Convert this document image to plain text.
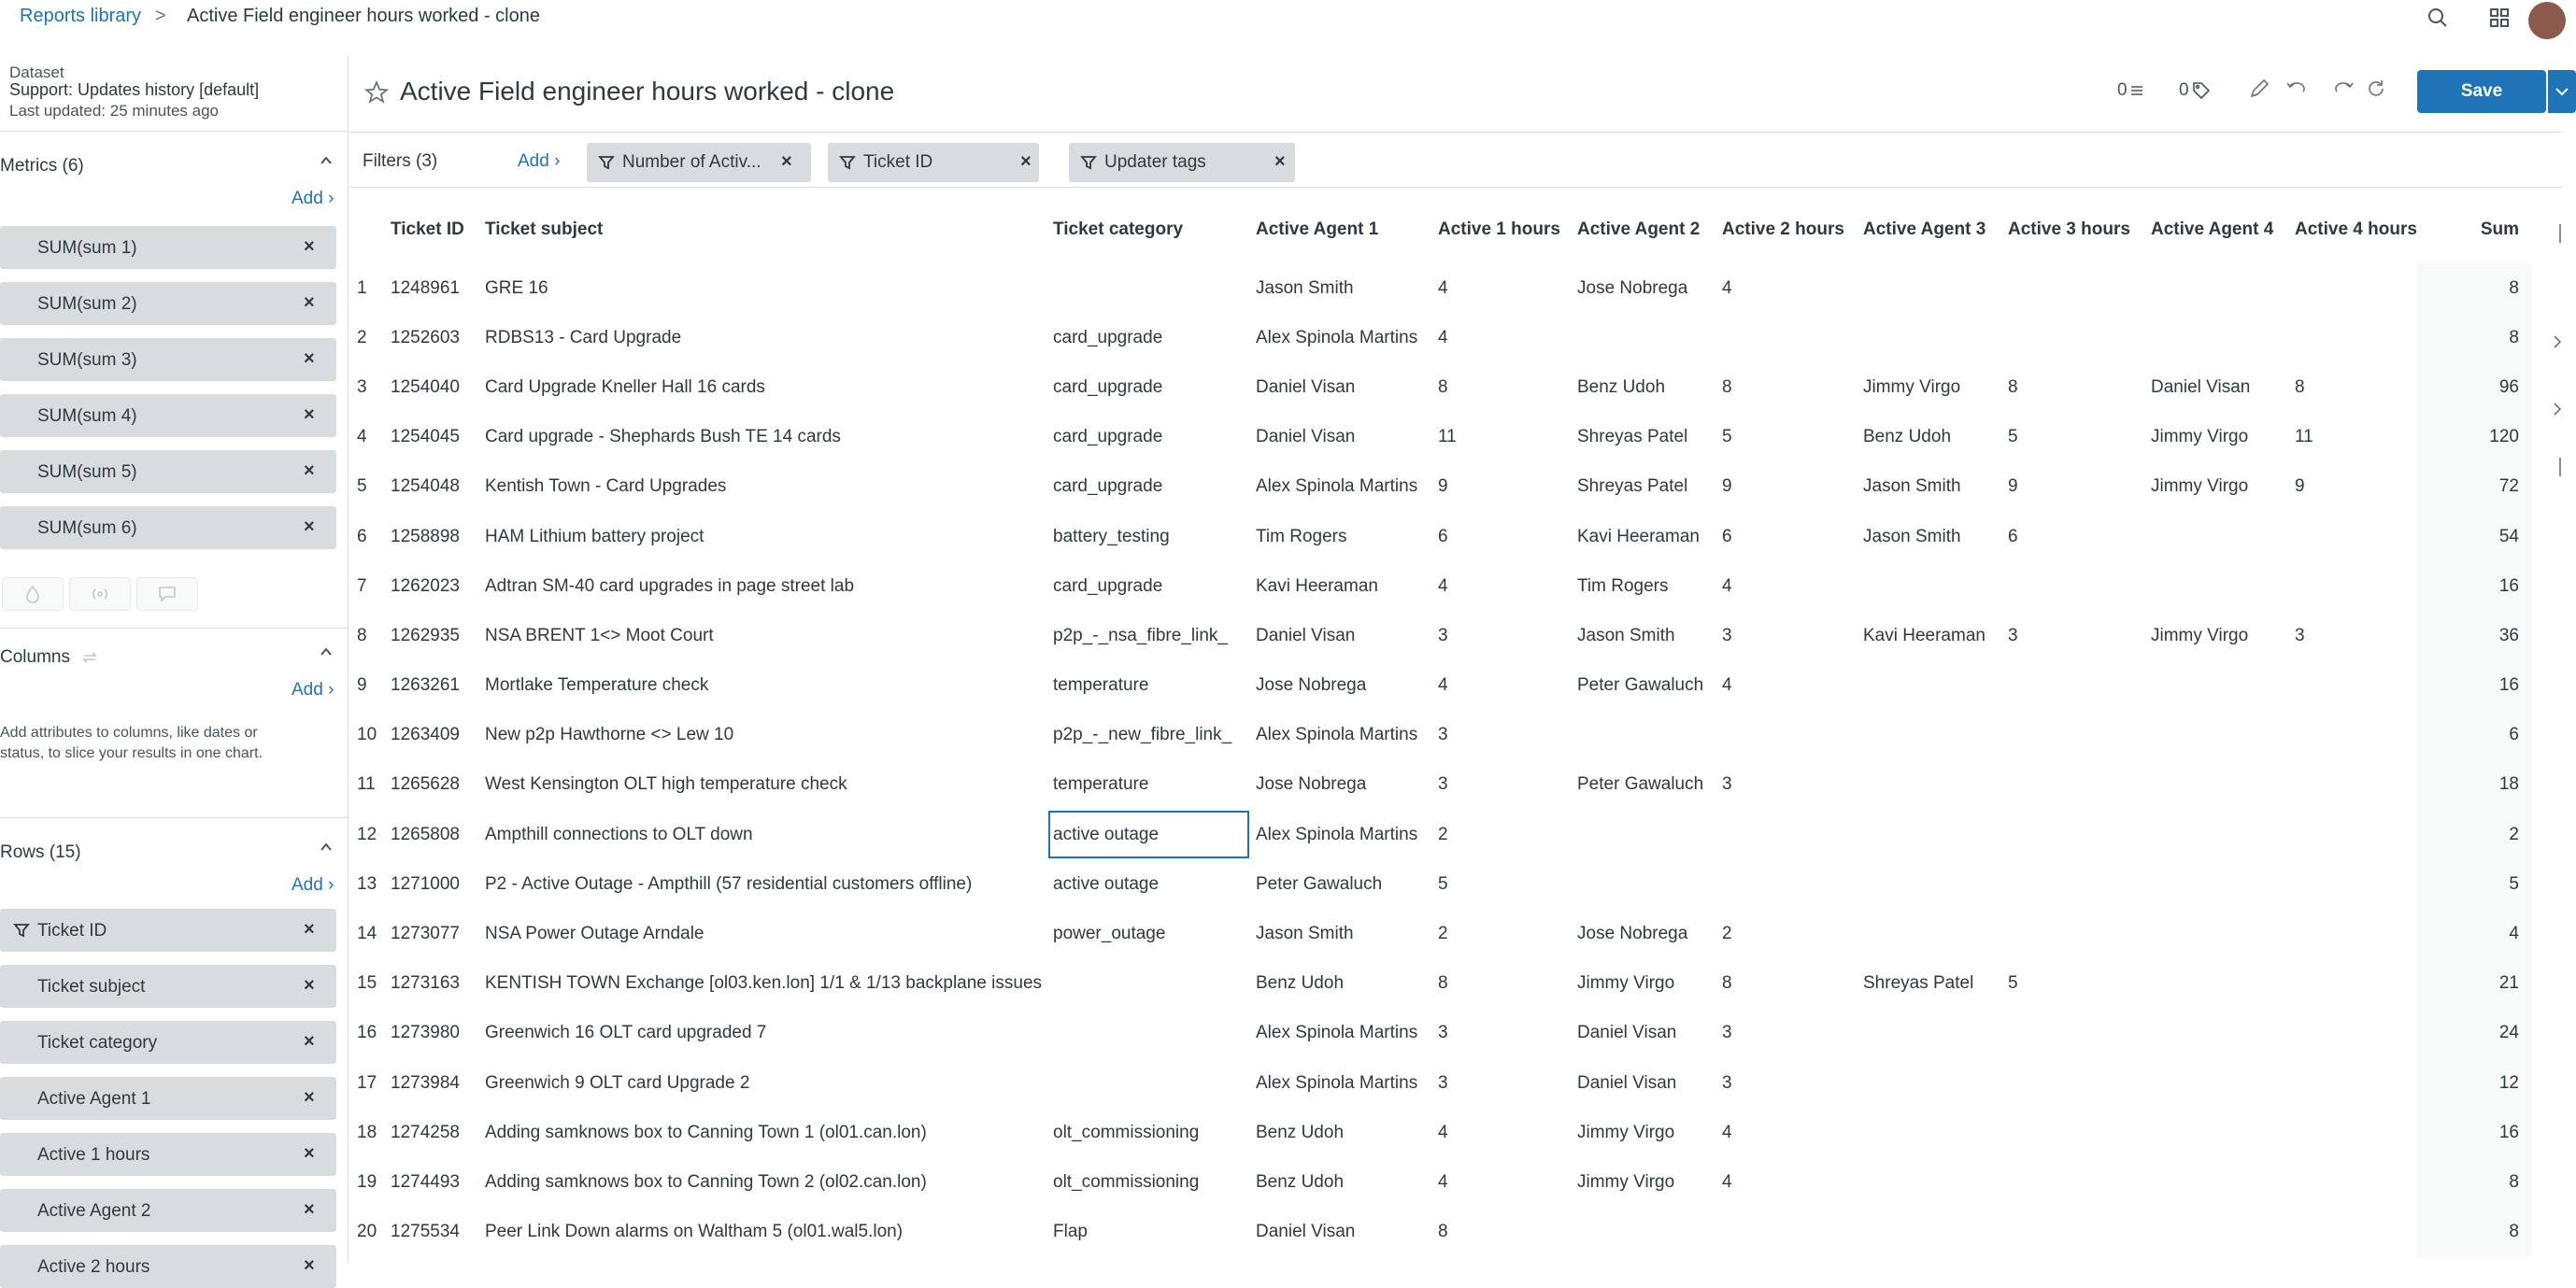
Reports library > Active Field engineer hours worked - clone
Dataset
Support: Updates history [default]
Last updated: 25 minutes ago
Metrics (6)
Add ›
SUM(sum 1)	×
SUM(sum 2)	×
SUM(sum 3)	×
SUM(sum 4)	×
SUM(sum 5)	×
SUM(sum 6)	×
Columns
Add ›
Add attributes to columns, like dates or status, to slice your results in one chart.
Rows (15)
Add ›
Ticket ID	×
Ticket subject	×
Ticket category	×
Active Agent 1	×
Active 1 hours	×
Active Agent 2	×
Active 2 hours	×
Active Field engineer hours worked - clone	0	0	Save
Filters (3)	Add ›	Number of Activ... ×	Ticket ID	×	Updater tags	×
	Ticket ID	Ticket subject	Ticket category	Active Agent 1	Active 1 hours	Active Agent 2	Active 2 hours	Active Agent 3	Active 3 hours	Active Agent 4	Active 4 hours	Sum
1	1248961	GRE 16		Jason Smith	4	Jose Nobrega	4					8
2	1252603	RDBS13 - Card Upgrade	card_upgrade	Alex Spinola Martins	4							8
3	1254040	Card Upgrade Kneller Hall 16 cards	card_upgrade	Daniel Visan	8	Benz Udoh	8	Jimmy Virgo	8	Daniel Visan	8	96
4	1254045	Card upgrade - Shephards Bush TE 14 cards	card_upgrade	Daniel Visan	11	Shreyas Patel	5	Benz Udoh	5	Jimmy Virgo	11	120
5	1254048	Kentish Town - Card Upgrades	card_upgrade	Alex Spinola Martins	9	Shreyas Patel	9	Jason Smith	9	Jimmy Virgo	9	72
6	1258898	HAM Lithium battery project	battery_testing	Tim Rogers	6	Kavi Heeraman	6	Jason Smith	6			54
7	1262023	Adtran SM-40 card upgrades in page street lab	card_upgrade	Kavi Heeraman	4	Tim Rogers	4					16
8	1262935	NSA BRENT 1<> Moot Court	p2p_-_nsa_fibre_link_	Daniel Visan	3	Jason Smith	3	Kavi Heeraman	3	Jimmy Virgo	3	36
9	1263261	Mortlake Temperature check	temperature	Jose Nobrega	4	Peter Gawaluch	4					16
10	1263409	New p2p Hawthorne <> Lew 10	p2p_-_new_fibre_link_	Alex Spinola Martins	3							6
11	1265628	West Kensington OLT high temperature check	temperature	Jose Nobrega	3	Peter Gawaluch	3					18
12	1265808	Ampthill connections to OLT down	active outage	Alex Spinola Martins	2							2
13	1271000	P2 - Active Outage - Ampthill (57 residential customers offline)	active outage	Peter Gawaluch	5							5
14	1273077	NSA Power Outage Arndale	power_outage	Jason Smith	2	Jose Nobrega	2					4
15	1273163	KENTISH TOWN Exchange [ol03.ken.lon] 1/1 & 1/13 backplane issues		Benz Udoh	8	Jimmy Virgo	8	Shreyas Patel	5			21
16	1273980	Greenwich 16 OLT card upgraded 7		Alex Spinola Martins	3	Daniel Visan	3					24
17	1273984	Greenwich 9 OLT card Upgrade 2		Alex Spinola Martins	3	Daniel Visan	3					12
18	1274258	Adding samknows box to Canning Town 1 (ol01.can.lon)	olt_commissioning	Benz Udoh	4	Jimmy Virgo	4					16
19	1274493	Adding samknows box to Canning Town 2 (ol02.can.lon)	olt_commissioning	Benz Udoh	4	Jimmy Virgo	4					8
20	1275534	Peer Link Down alarms on Waltham 5 (ol01.wal5.lon)	Flap	Daniel Visan	8							8
